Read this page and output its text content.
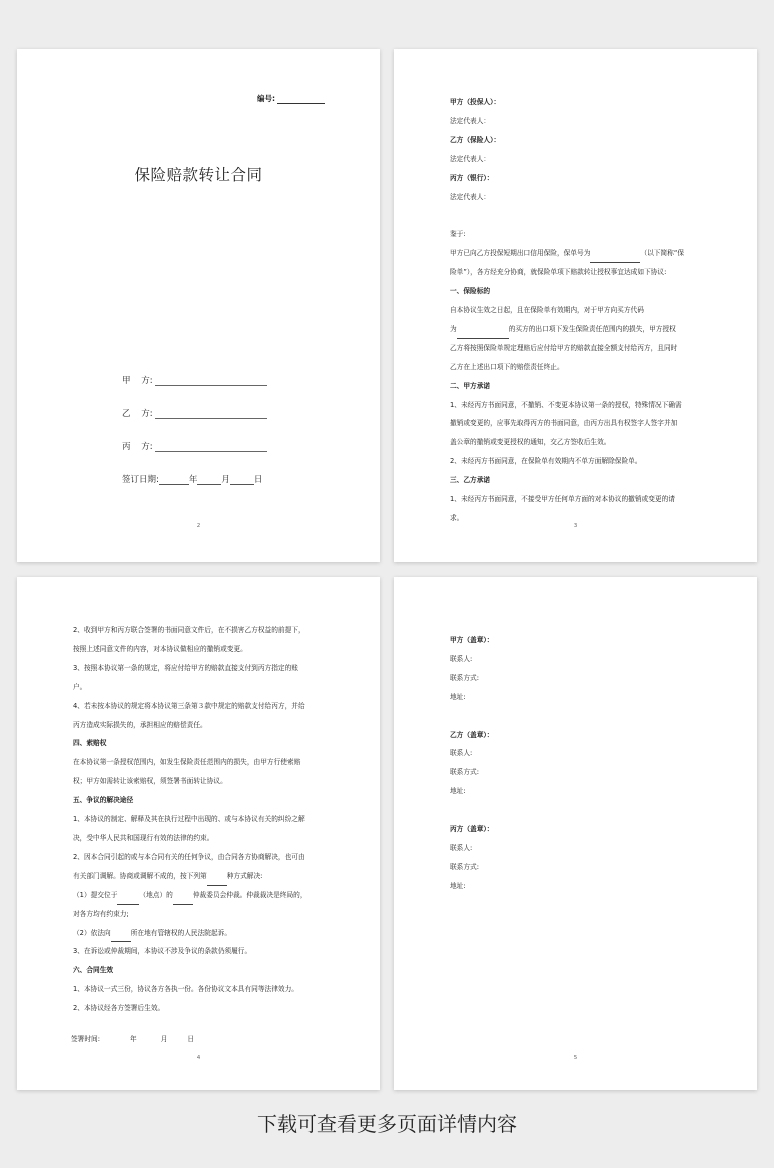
编号:
保险赔款转让合同
甲    方:
乙    方:
丙    方:
签订日期:	年	月	日
2

甲方（投保人）：

法定代表人：

乙方（保险人）：

法定代表人：

丙方（银行）：

法定代表人：

鉴于:

甲方已向乙方投保短期出口信用保险，保单号为	（以下简称“保

险单”），各方经充分协商，就保险单项下赔款转让授权事宜达成如下协议:

一、保险标的

自本协议生效之日起，且在保险单有效期内，对于甲方向买方代码

为	的买方的出口项下发生保险责任范围内的损失，甲方授权

乙方将按照保险单规定理赔后应付给甲方的赔款直接全额支付给丙方，且同时

乙方在上述出口项下的赔偿责任终止。

二、甲方承诺

1、未经丙方书面同意，不撤销、不变更本协议第一条的授权，特殊情况下确需

撤销或变更的，应事先取得丙方的书面同意，由丙方出具有权签字人签字并加

盖公章的撤销或变更授权的通知，交乙方签收后生效。

2、未经丙方书面同意，在保险单有效期内不单方面解除保险单。

三、乙方承诺

1、未经丙方书面同意，不接受甲方任何单方面的对本协议的撤销或变更的请

求。

3

2、收到甲方和丙方联合签署的书面同意文件后，在不损害乙方权益的前提下，

按照上述同意文件的内容，对本协议做相应的撤销或变更。

3、按照本协议第一条的规定，将应付给甲方的赔款直接支付到丙方指定的账

户。

4、若未按本协议的规定将本协议第三条第３款中规定的赔款支付给丙方，并给

丙方造成实际损失的，承担相应的赔偿责任。

四、索赔权

在本协议第一条授权范围内，如发生保险责任范围内的损失，由甲方行使索赔

权；甲方如需转让该索赔权，须签署书面转让协议。

五、争议的解决途径

1、本协议的制定、解释及其在执行过程中出现的、或与本协议有关的纠纷之解

决，受中华人民共和国现行有效的法律的约束。

2、因本合同引起的或与本合同有关的任何争议，由合同各方协商解决，也可由

有关部门调解。协商或调解不成的，按下列第	种方式解决:

（1）提交位于	（地点）的	仲裁委员会仲裁。仲裁裁决是终局的，

对各方均有约束力;

（2）依法向	所在地有管辖权的人民法院起诉。

3、在诉讼或仲裁期间，本协议不涉及争议的条款仍须履行。

六、合同生效

1、本协议一式三份，协议各方各执一份。各份协议文本具有同等法律效力。

2、本协议经各方签署后生效。

签署时间:	年	月	日
4

甲方（盖章）：

联系人:

联系方式:

地址:

乙方（盖章）：

联系人:

联系方式:

地址:

丙方（盖章）：

联系人:

联系方式:

地址:

5
下载可查看更多页面详情内容
